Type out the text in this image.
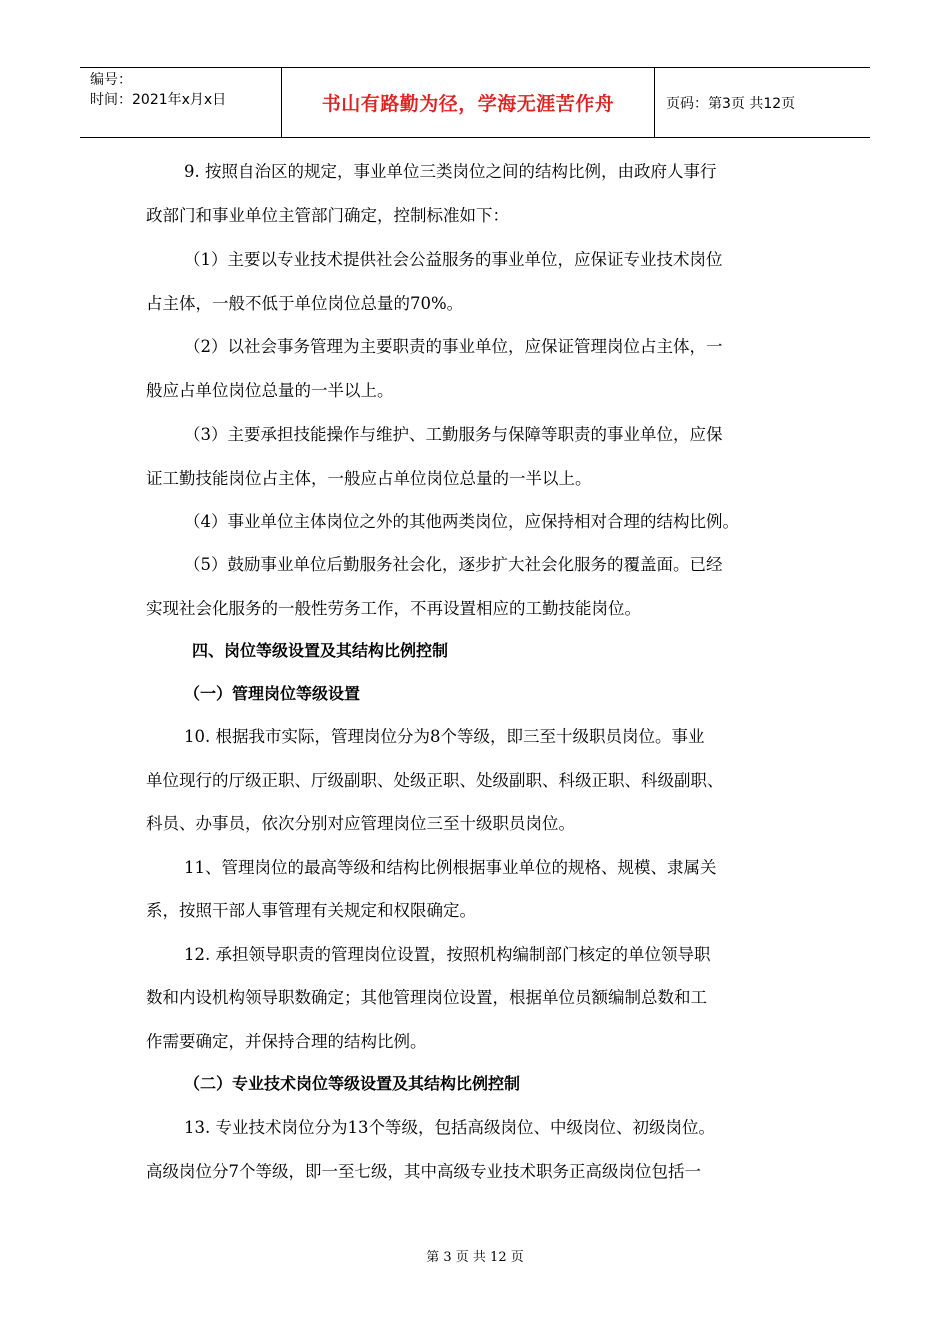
编号：
时间：2021年x月x日	书山有路勤为径，学海无涯苦作舟	页码：第3页 共12页
9. 按照自治区的规定，事业单位三类岗位之间的结构比例，由政府人事行
政部门和事业单位主管部门确定，控制标准如下：
（1）主要以专业技术提供社会公益服务的事业单位，应保证专业技术岗位
占主体，一般不低于单位岗位总量的70%。
（2）以社会事务管理为主要职责的事业单位，应保证管理岗位占主体，一
般应占单位岗位总量的一半以上。
（3）主要承担技能操作与维护、工勤服务与保障等职责的事业单位，应保
证工勤技能岗位占主体，一般应占单位岗位总量的一半以上。
（4）事业单位主体岗位之外的其他两类岗位，应保持相对合理的结构比例。
（5）鼓励事业单位后勤服务社会化，逐步扩大社会化服务的覆盖面。已经
实现社会化服务的一般性劳务工作，不再设置相应的工勤技能岗位。
四、岗位等级设置及其结构比例控制
（一）管理岗位等级设置
10. 根据我市实际，管理岗位分为8个等级，即三至十级职员岗位。事业
单位现行的厅级正职、厅级副职、处级正职、处级副职、科级正职、科级副职、
科员、办事员，依次分别对应管理岗位三至十级职员岗位。
11、管理岗位的最高等级和结构比例根据事业单位的规格、规模、隶属关
系，按照干部人事管理有关规定和权限确定。
12. 承担领导职责的管理岗位设置，按照机构编制部门核定的单位领导职
数和内设机构领导职数确定；其他管理岗位设置，根据单位员额编制总数和工
作需要确定，并保持合理的结构比例。
（二）专业技术岗位等级设置及其结构比例控制
13. 专业技术岗位分为13个等级，包括高级岗位、中级岗位、初级岗位。
高级岗位分7个等级，即一至七级，其中高级专业技术职务正高级岗位包括一
第 3 页 共 12 页
